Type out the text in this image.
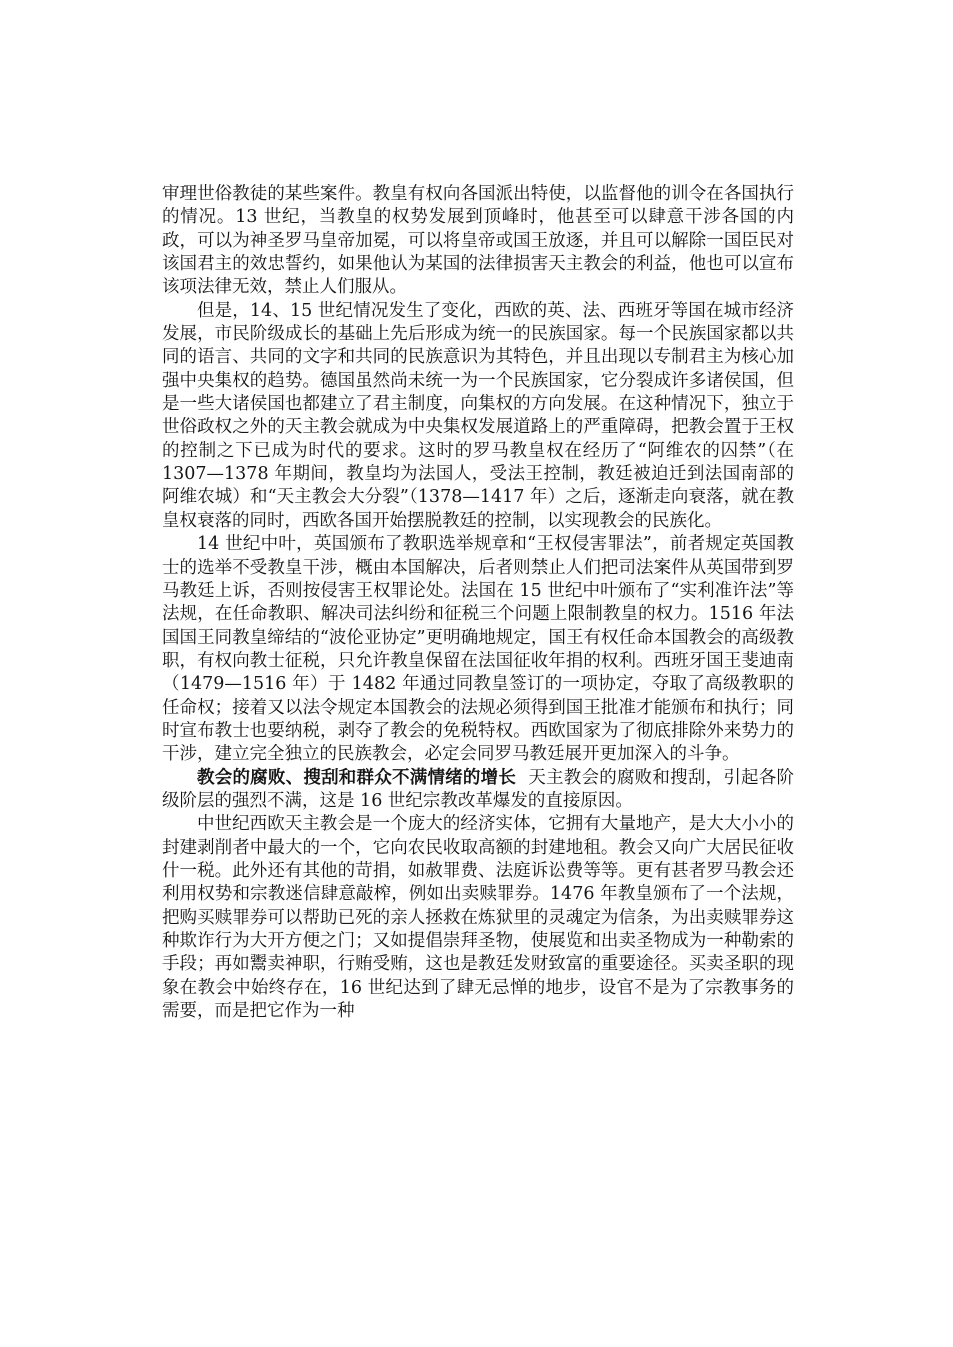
审理世俗教徒的某些案件。教皇有权向各国派出特使，以监督他的训令在各国执行的情况。13 世纪，当教皇的权势发展到顶峰时，他甚至可以肆意干涉各国的内政，可以为神圣罗马皇帝加冕，可以将皇帝或国王放逐，并且可以解除一国臣民对该国君主的效忠誓约，如果他认为某国的法律损害天主教会的利益，他也可以宣布该项法律无效，禁止人们服从。

但是，14、15 世纪情况发生了变化，西欧的英、法、西班牙等国在城市经济发展，市民阶级成长的基础上先后形成为统一的民族国家。每一个民族国家都以共同的语言、共同的文字和共同的民族意识为其特色，并且出现以专制君主为核心加强中央集权的趋势。德国虽然尚未统一为一个民族国家，它分裂成许多诸侯国，但是一些大诸侯国也都建立了君主制度，向集权的方向发展。在这种情况下，独立于世俗政权之外的天主教会就成为中央集权发展道路上的严重障碍，把教会置于王权的控制之下已成为时代的要求。这时的罗马教皇权在经历了“阿维农的囚禁”（在 1307—1378 年期间，教皇均为法国人，受法王控制，教廷被迫迁到法国南部的阿维农城）和“天主教会大分裂”（1378—1417 年）之后，逐渐走向衰落，就在教皇权衰落的同时，西欧各国开始摆脱教廷的控制，以实现教会的民族化。

14 世纪中叶，英国颁布了教职选举规章和“王权侵害罪法”，前者规定英国教士的选举不受教皇干涉，概由本国解决，后者则禁止人们把司法案件从英国带到罗马教廷上诉，否则按侵害王权罪论处。法国在 15 世纪中叶颁布了“实利准许法”等法规，在任命教职、解决司法纠纷和征税三个问题上限制教皇的权力。1516 年法国国王同教皇缔结的“波伦亚协定”更明确地规定，国王有权任命本国教会的高级教职，有权向教士征税，只允许教皇保留在法国征收年捐的权利。西班牙国王斐迪南（1479—1516 年）于 1482 年通过同教皇签订的一项协定，夺取了高级教职的任命权；接着又以法令规定本国教会的法规必须得到国王批准才能颁布和执行；同时宣布教士也要纳税，剥夺了教会的免税特权。西欧国家为了彻底排除外来势力的干涉，建立完全独立的民族教会，必定会同罗马教廷展开更加深入的斗争。

教会的腐败、搜刮和群众不满情绪的增长 天主教会的腐败和搜刮，引起各阶级阶层的强烈不满，这是 16 世纪宗教改革爆发的直接原因。

中世纪西欧天主教会是一个庞大的经济实体，它拥有大量地产，是大大小小的封建剥削者中最大的一个，它向农民收取高额的封建地租。教会又向广大居民征收什一税。此外还有其他的苛捐，如赦罪费、法庭诉讼费等等。更有甚者罗马教会还利用权势和宗教迷信肆意敲榨，例如出卖赎罪券。1476 年教皇颁布了一个法规，把购买赎罪券可以帮助已死的亲人拯救在炼狱里的灵魂定为信条，为出卖赎罪券这种欺诈行为大开方便之门；又如提倡崇拜圣物，使展览和出卖圣物成为一种勒索的手段；再如鬻卖神职，行贿受贿，这也是教廷发财致富的重要途径。买卖圣职的现象在教会中始终存在，16 世纪达到了肆无忌惮的地步，设官不是为了宗教事务的需要，而是把它作为一种
